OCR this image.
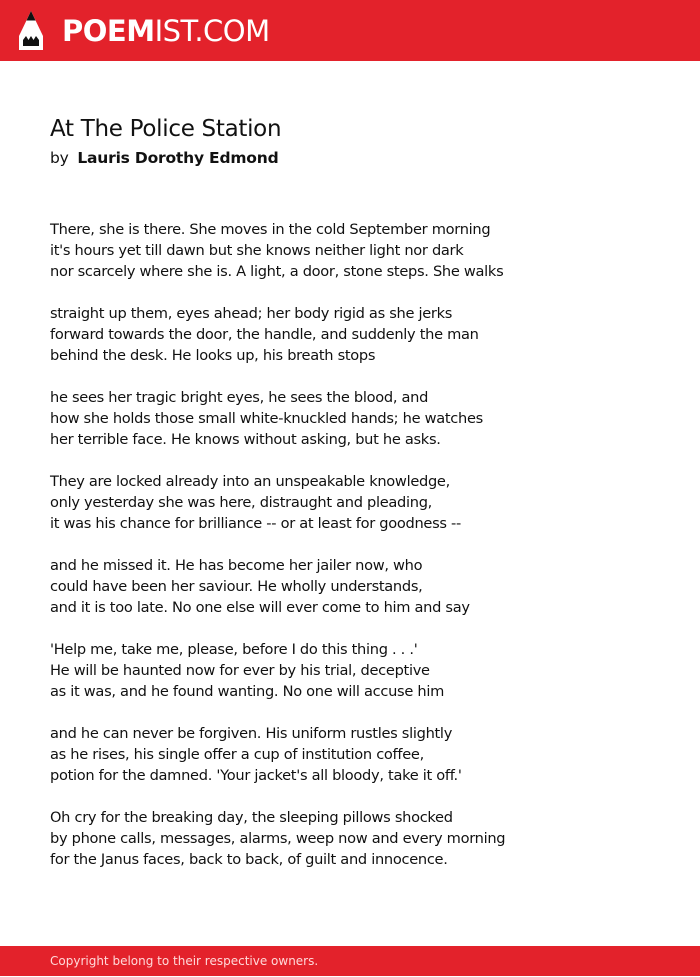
POEMIST.COM
At The Police Station
by Lauris Dorothy Edmond
There, she is there. She moves in the cold September morning
it's hours yet till dawn but she knows neither light nor dark
nor scarcely where she is. A light, a door, stone steps. She walks
straight up them, eyes ahead; her body rigid as she jerks
forward towards the door, the handle, and suddenly the man
behind the desk. He looks up, his breath stops
he sees her tragic bright eyes, he sees the blood, and
how she holds those small white-knuckled hands; he watches
her terrible face. He knows without asking, but he asks.
They are locked already into an unspeakable knowledge,
only yesterday she was here, distraught and pleading,
it was his chance for brilliance -- or at least for goodness --
and he missed it. He has become her jailer now, who
could have been her saviour. He wholly understands,
and it is too late. No one else will ever come to him and say
'Help me, take me, please, before I do this thing . . .'
He will be haunted now for ever by his trial, deceptive
as it was, and he found wanting. No one will accuse him
and he can never be forgiven. His uniform rustles slightly
as he rises, his single offer a cup of institution coffee,
potion for the damned. 'Your jacket's all bloody, take it off.'
Oh cry for the breaking day, the sleeping pillows shocked
by phone calls, messages, alarms, weep now and every morning
for the Janus faces, back to back, of guilt and innocence.
Copyright belong to their respective owners.
